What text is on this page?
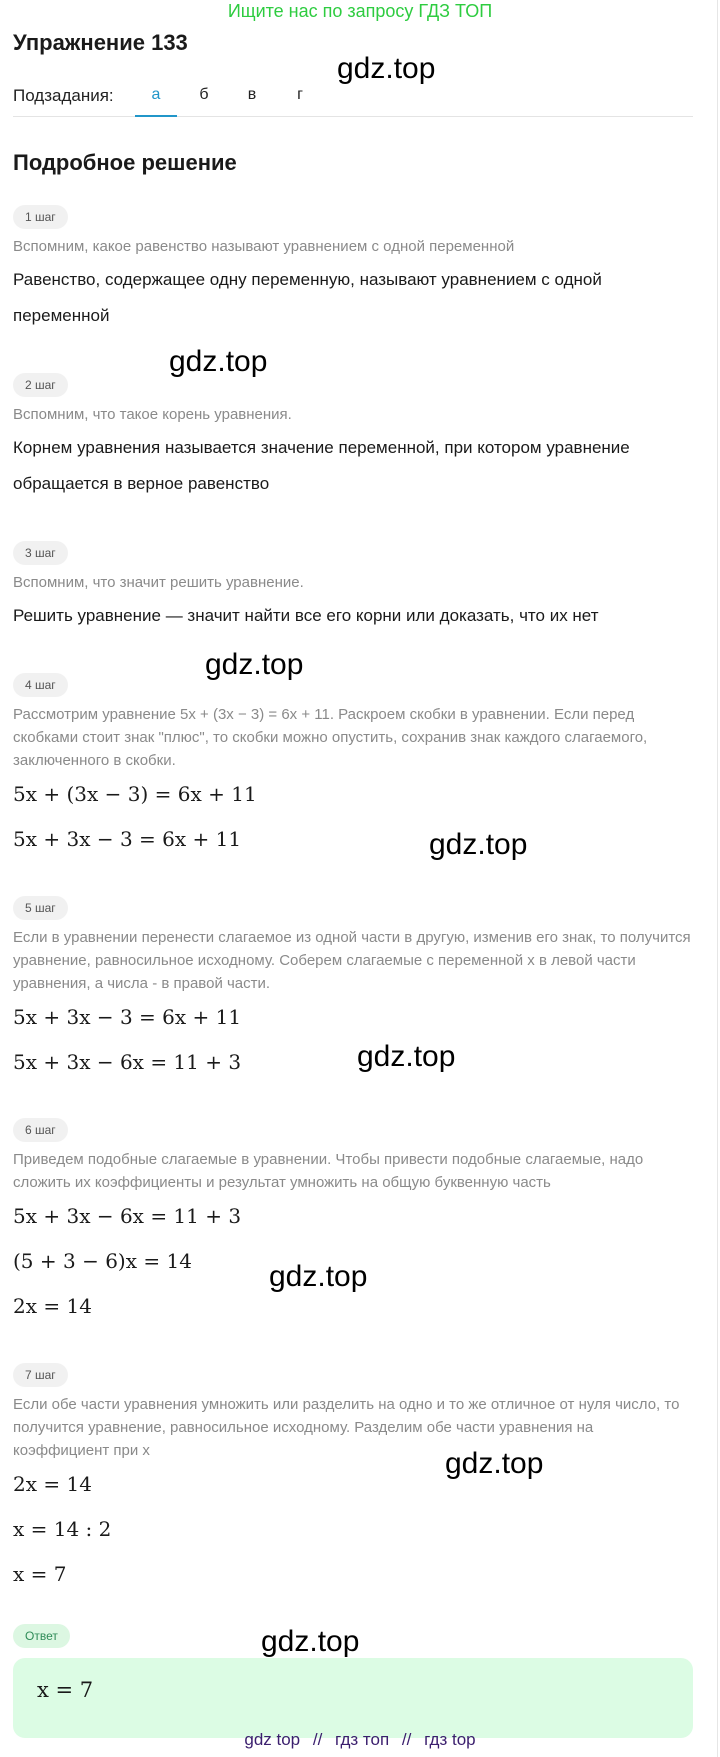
Ищите нас по запросу ГДЗ ТОП
Упражнение 133
Подзадания:	а	б	в	г
Подробное решение
1 шаг
Вспомним, какое равенство называют уравнением с одной переменной
Равенство, содержащее одну переменную, называют уравнением с одной переменной
2 шаг
Вспомним, что такое корень уравнения.
Корнем уравнения называется значение переменной, при котором уравнение обращается в верное равенство
3 шаг
Вспомним, что значит решить уравнение.
Решить уравнение — значит найти все его корни или доказать, что их нет
4 шаг
Рассмотрим уравнение 5x + (3x − 3) = 6x + 11. Раскроем скобки в уравнении. Если перед скобками стоит знак "плюс", то скобки можно опустить, сохранив знак каждого слагаемого, заключенного в скобки.
5x + (3x − 3) = 6x + 11
5x + 3x − 3 = 6x + 11
5 шаг
Если в уравнении перенести слагаемое из одной части в другую, изменив его знак, то получится уравнение, равносильное исходному. Соберем слагаемые с переменной x в левой части уравнения, а числа - в правой части.
5x + 3x − 3 = 6x + 11
5x + 3x − 6x = 11 + 3
6 шаг
Приведем подобные слагаемые в уравнении. Чтобы привести подобные слагаемые, надо сложить их коэффициенты и результат умножить на общую буквенную часть
5x + 3x − 6x = 11 + 3
(5 + 3 − 6)x = 14
2x = 14
7 шаг
Если обе части уравнения умножить или разделить на одно и то же отличное от нуля число, то получится уравнение, равносильное исходному. Разделим обе части уравнения на коэффициент при x
2x = 14
x = 14 : 2
x = 7
Ответ
x = 7
gdz.top
gdz.top
gdz.top
gdz.top
gdz.top
gdz.top
gdz.top
gdz.top
gdz top // гдз топ // гдз top
